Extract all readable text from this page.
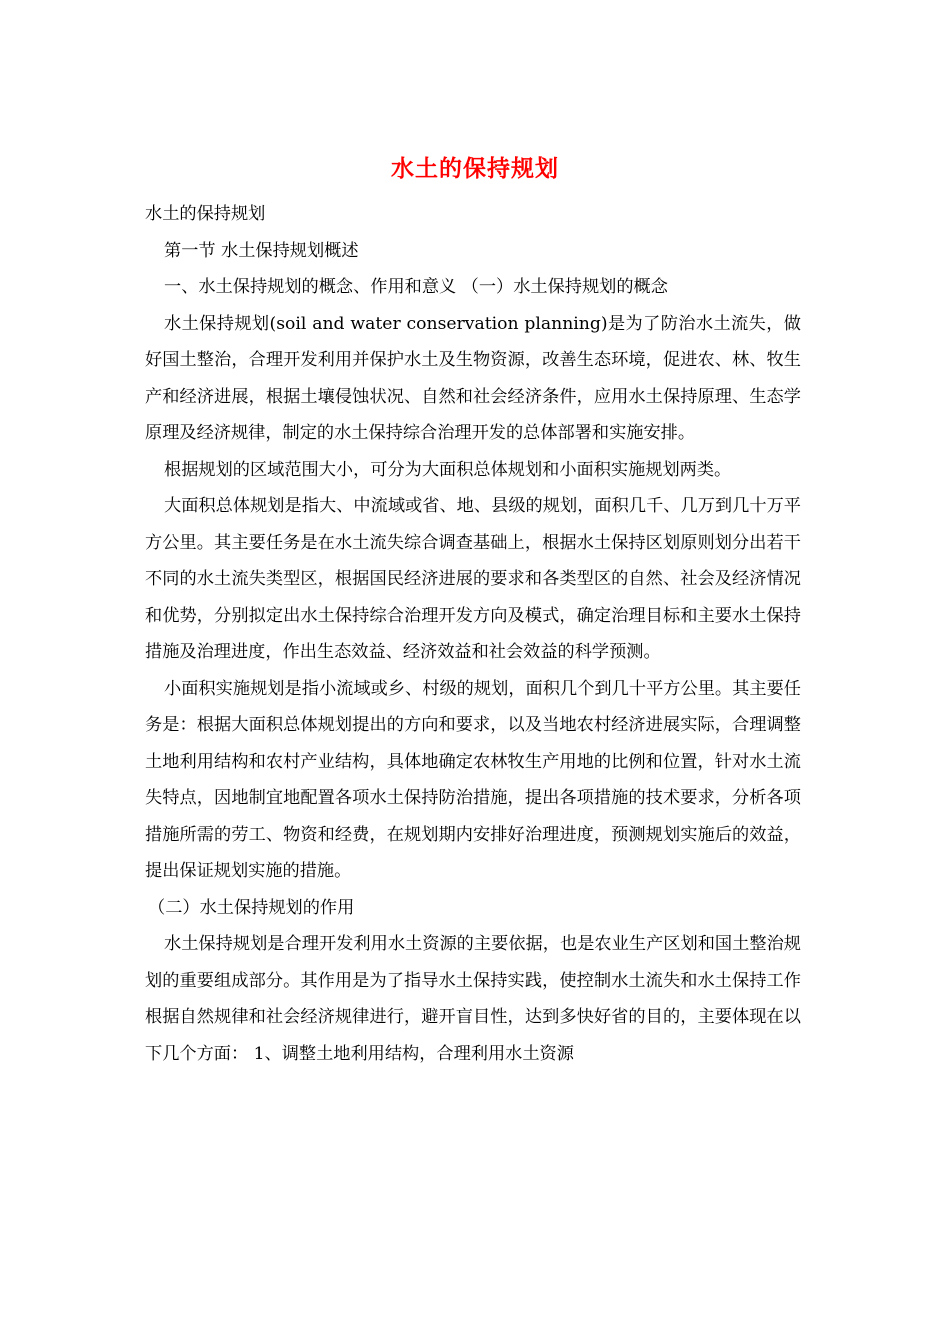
水土的保持规划

水土的保持规划

第一节 水土保持规划概述

一、水土保持规划的概念、作用和意义 （一）水土保持规划的概念

水土保持规划(soil and water conservation planning)是为了防治水土流失，做好国土整治，合理开发利用并保护水土及生物资源，改善生态环境，促进农、林、牧生产和经济进展，根据土壤侵蚀状况、自然和社会经济条件，应用水土保持原理、生态学原理及经济规律，制定的水土保持综合治理开发的总体部署和实施安排。

根据规划的区域范围大小，可分为大面积总体规划和小面积实施规划两类。

大面积总体规划是指大、中流域或省、地、县级的规划，面积几千、几万到几十万平方公里。其主要任务是在水土流失综合调查基础上，根据水土保持区划原则划分出若干不同的水土流失类型区，根据国民经济进展的要求和各类型区的自然、社会及经济情况和优势，分别拟定出水土保持综合治理开发方向及模式，确定治理目标和主要水土保持措施及治理进度，作出生态效益、经济效益和社会效益的科学预测。

小面积实施规划是指小流域或乡、村级的规划，面积几个到几十平方公里。其主要任务是：根据大面积总体规划提出的方向和要求，以及当地农村经济进展实际，合理调整土地利用结构和农村产业结构，具体地确定农林牧生产用地的比例和位置，针对水土流失特点，因地制宜地配置各项水土保持防治措施，提出各项措施的技术要求，分析各项措施所需的劳工、物资和经费，在规划期内安排好治理进度，预测规划实施后的效益，提出保证规划实施的措施。

（二）水土保持规划的作用

水土保持规划是合理开发利用水土资源的主要依据，也是农业生产区划和国土整治规划的重要组成部分。其作用是为了指导水土保持实践，使控制水土流失和水土保持工作根据自然规律和社会经济规律进行，避开盲目性，达到多快好省的目的，主要体现在以下几个方面： 1、调整土地利用结构，合理利用水土资源
